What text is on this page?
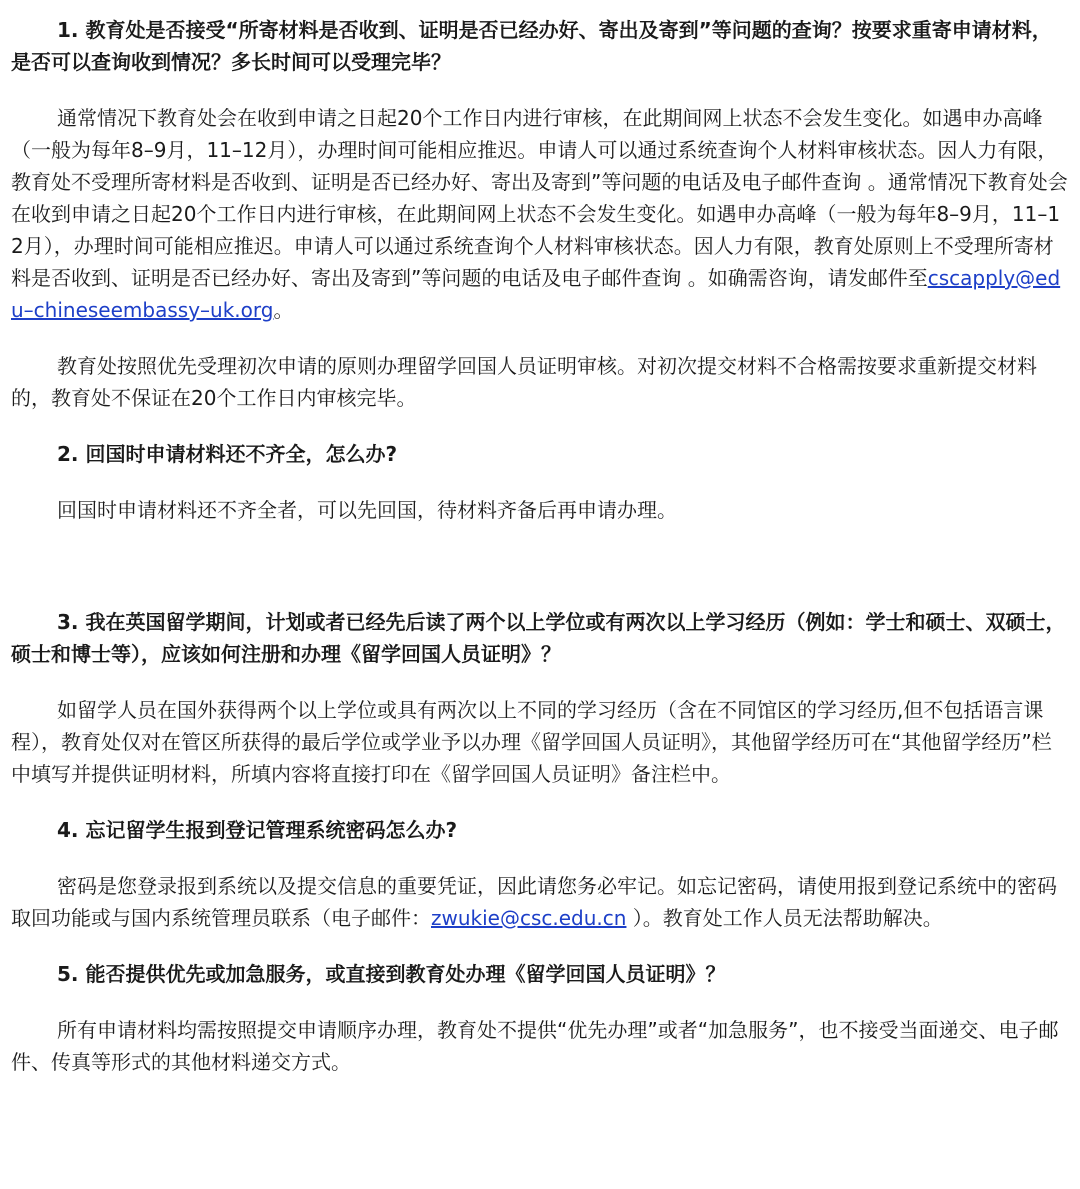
1. 教育处是否接受“所寄材料是否收到、证明是否已经办好、寄出及寄到”等问题的查询？按要求重寄申请材料，是否可以查询收到情况？多长时间可以受理完毕？

通常情况下教育处会在收到申请之日起20个工作日内进行审核，在此期间网上状态不会发生变化。如遇申办高峰（一般为每年8–9月，11–12月），办理时间可能相应推迟。申请人可以通过系统查询个人材料审核状态。因人力有限，教育处不受理所寄材料是否收到、证明是否已经办好、寄出及寄到”等问题的电话及电子邮件查询 。通常情况下教育处会在收到申请之日起20个工作日内进行审核，在此期间网上状态不会发生变化。如遇申办高峰（一般为每年8–9月，11–12月），办理时间可能相应推迟。申请人可以通过系统查询个人材料审核状态。因人力有限，教育处原则上不受理所寄材料是否收到、证明是否已经办好、寄出及寄到”等问题的电话及电子邮件查询 。如确需咨询，请发邮件至cscapply@edu–chineseembassy–uk.org。

教育处按照优先受理初次申请的原则办理留学回国人员证明审核。对初次提交材料不合格需按要求重新提交材料的，教育处不保证在20个工作日内审核完毕。

2. 回国时申请材料还不齐全，怎么办?

回国时申请材料还不齐全者，可以先回国，待材料齐备后再申请办理。

3. 我在英国留学期间，计划或者已经先后读了两个以上学位或有两次以上学习经历（例如：学士和硕士、双硕士，硕士和博士等），应该如何注册和办理《留学回国人员证明》？

如留学人员在国外获得两个以上学位或具有两次以上不同的学习经历（含在不同馆区的学习经历,但不包括语言课程），教育处仅对在管区所获得的最后学位或学业予以办理《留学回国人员证明》，其他留学经历可在“其他留学经历”栏中填写并提供证明材料，所填内容将直接打印在《留学回国人员证明》备注栏中。

4. 忘记留学生报到登记管理系统密码怎么办?

密码是您登录报到系统以及提交信息的重要凭证，因此请您务必牢记。如忘记密码，请使用报到登记系统中的密码取回功能或与国内系统管理员联系（电子邮件：zwukie@csc.edu.cn ）。教育处工作人员无法帮助解决。

5. 能否提供优先或加急服务，或直接到教育处办理《留学回国人员证明》？

所有申请材料均需按照提交申请顺序办理，教育处不提供“优先办理”或者“加急服务”，也不接受当面递交、电子邮件、传真等形式的其他材料递交方式。
